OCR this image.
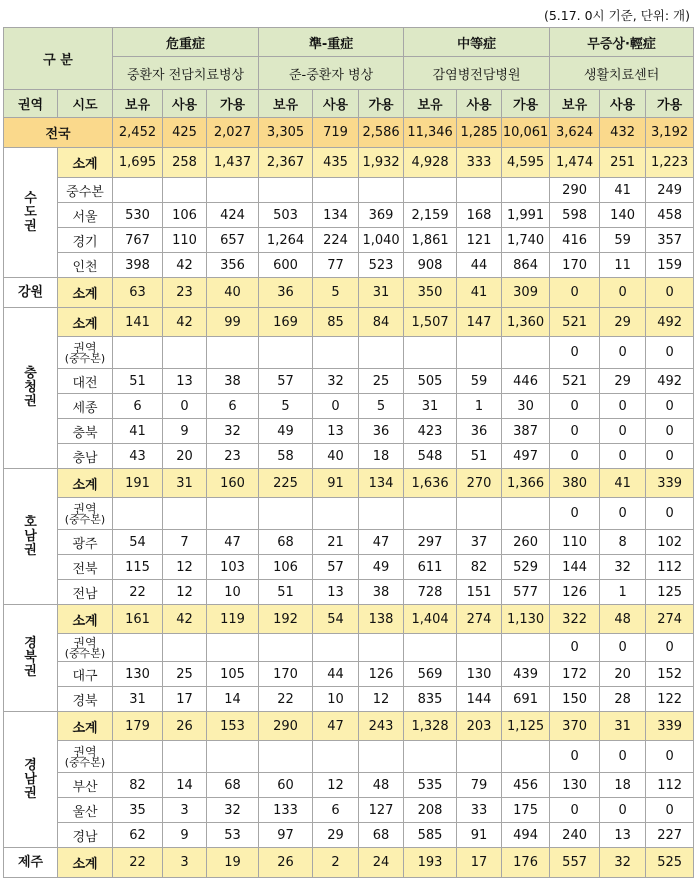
(5.17. 0시 기준, 단위: 개)
구 분		危重症			準-重症			中等症			무증상·輕症		
		중환자 전담치료병상			준-중환자 병상			감염병전담병원			생활치료센터		
권역	시도	보유	사용	가용	보유	사용	가용	보유	사용	가용	보유	사용	가용
전국		2,452	425	2,027	3,305	719	2,586	11,346	1,285	10,061	3,624	432	3,192

수
도
권	소계	1,695	258	1,437	2,367	435	1,932	4,928	333	4,595	1,474	251	1,223
	중수본										290	41	249
	서울	530	106	424	503	134	369	2,159	168	1,991	598	140	458
	경기	767	110	657	1,264	224	1,040	1,861	121	1,740	416	59	357
	인천	398	42	356	600	77	523	908	44	864	170	11	159
강원	소계	63	23	40	36	5	31	350	41	309	0	0	0

충
청
권	소계	141	42	99	169	85	84	1,507	147	1,360	521	29	492

	권역
(중수본)										0	0	0
	대전	51	13	38	57	32	25	505	59	446	521	29	492
	세종	6	0	6	5	0	5	31	1	30	0	0	0
	충북	41	9	32	49	13	36	423	36	387	0	0	0
	충남	43	20	23	58	40	18	548	51	497	0	0	0

호
남
권	소계	191	31	160	225	91	134	1,636	270	1,366	380	41	339

	권역
(중수본)										0	0	0
	광주	54	7	47	68	21	47	297	37	260	110	8	102
	전북	115	12	103	106	57	49	611	82	529	144	32	112
	전남	22	12	10	51	13	38	728	151	577	126	1	125

경
북
권	소계	161	42	119	192	54	138	1,404	274	1,130	322	48	274

	권역
(중수본)										0	0	0
	대구	130	25	105	170	44	126	569	130	439	172	20	152
	경북	31	17	14	22	10	12	835	144	691	150	28	122

경
남
권	소계	179	26	153	290	47	243	1,328	203	1,125	370	31	339

	권역
(중수본)										0	0	0
	부산	82	14	68	60	12	48	535	79	456	130	18	112
	울산	35	3	32	133	6	127	208	33	175	0	0	0
	경남	62	9	53	97	29	68	585	91	494	240	13	227
제주	소계	22	3	19	26	2	24	193	17	176	557	32	525
